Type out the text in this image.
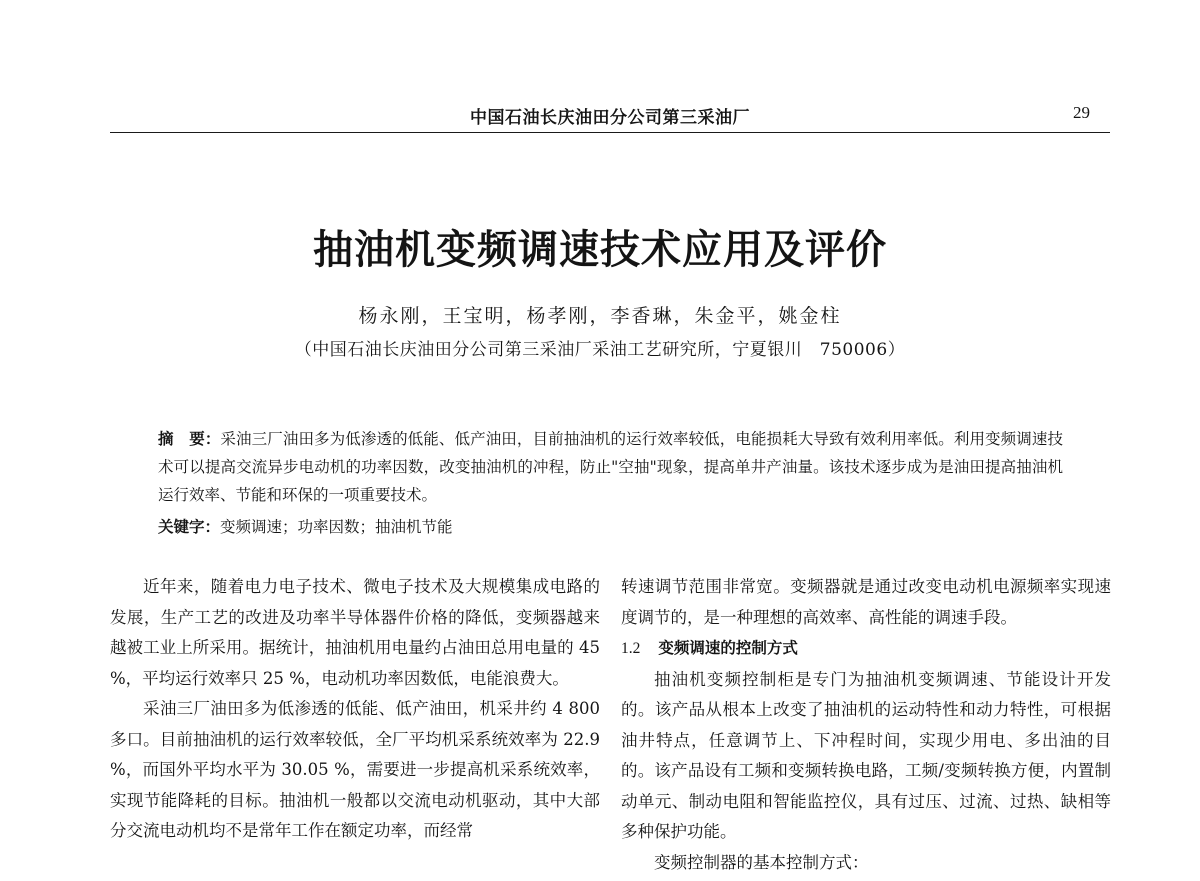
中国石油长庆油田分公司第三采油厂	29
抽油机变频调速技术应用及评价
杨永刚，王宝明，杨孝刚，李香琳，朱金平，姚金柱
（中国石油长庆油田分公司第三采油厂采油工艺研究所，宁夏银川　750006）
摘　要：采油三厂油田多为低渗透的低能、低产油田，目前抽油机的运行效率较低，电能损耗大导致有效利用率低。利用变频调速技术可以提高交流异步电动机的功率因数，改变抽油机的冲程，防止"空抽"现象，提高单井产油量。该技术逐步成为是油田提高抽油机运行效率、节能和环保的一项重要技术。
关键字：变频调速；功率因数；抽油机节能

近年来，随着电力电子技术、微电子技术及大规模集成电路的发展，生产工艺的改进及功率半导体器件价格的降低，变频器越来越被工业上所采用。据统计，抽油机用电量约占油田总用电量的 45 %，平均运行效率只 25 %，电动机功率因数低，电能浪费大。

采油三厂油田多为低渗透的低能、低产油田，机采井约 4 800 多口。目前抽油机的运行效率较低，全厂平均机采系统效率为 22.9 %，而国外平均水平为 30.05 %，需要进一步提高机采系统效率，实现节能降耗的目标。抽油机一般都以交流电动机驱动，其中大部分交流电动机均不是常年工作在额定功率，而经常

转速调节范围非常宽。变频器就是通过改变电动机电源频率实现速度调节的，是一种理想的高效率、高性能的调速手段。

1.2 变频调速的控制方式

抽油机变频控制柜是专门为抽油机变频调速、节能设计开发的。该产品从根本上改变了抽油机的运动特性和动力特性，可根据油井特点，任意调节上、下冲程时间，实现少用电、多出油的目的。该产品设有工频和变频转换电路，工频/变频转换方便，内置制动单元、制动电阻和智能监控仪，具有过压、过流、过热、缺相等多种保护功能。

变频控制器的基本控制方式：
